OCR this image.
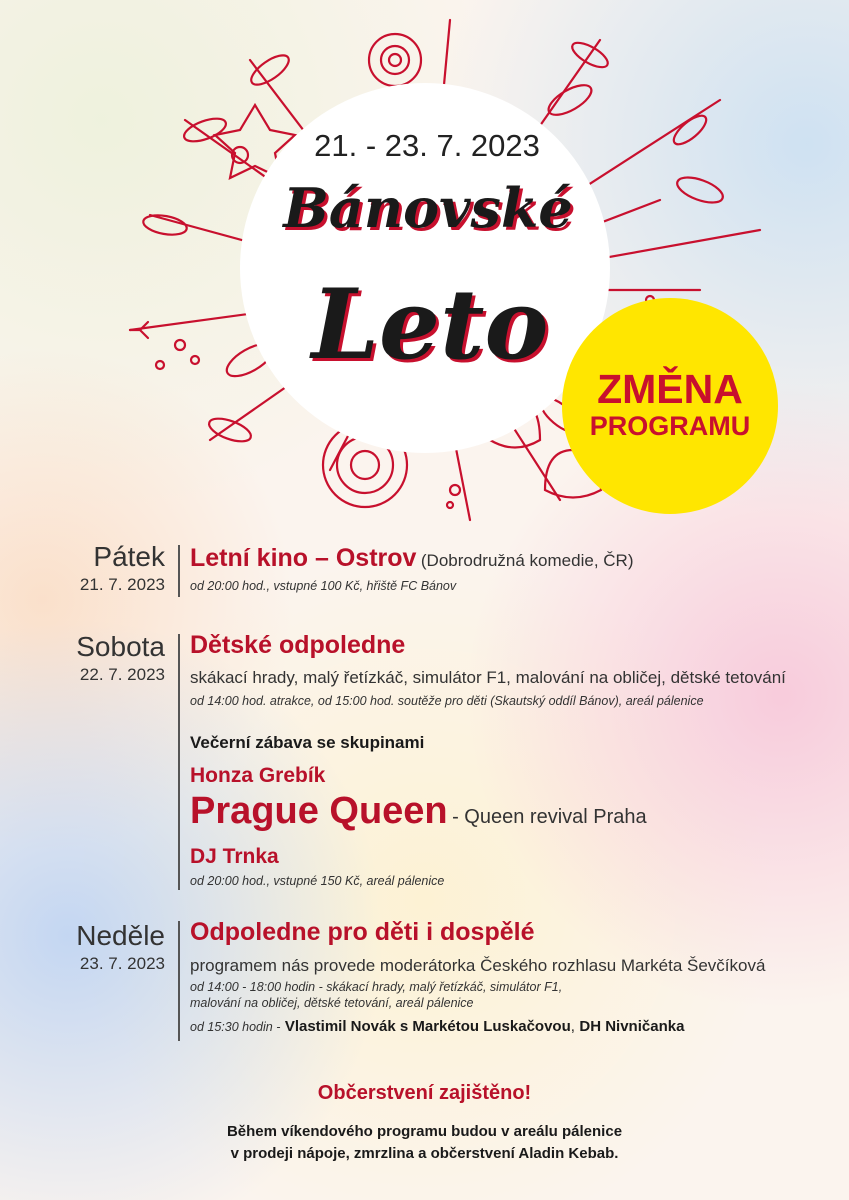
21. - 23. 7. 2023
Bánovské
Leto
ZMĚNA
PROGRAMU
Pátek
21. 7. 2023
Letní kino – Ostrov (Dobrodružná komedie, ČR)
od 20:00 hod., vstupné 100 Kč, hřiště FC Bánov
Sobota
22. 7. 2023
Dětské odpoledne
skákací hrady, malý řetízkáč, simulátor F1, malování na obličej, dětské tetování
od 14:00 hod. atrakce, od 15:00 hod. soutěže pro děti (Skautský oddíl Bánov), areál pálenice
Večerní zábava se skupinami
Honza Grebík
Prague Queen - Queen revival Praha
DJ Trnka
od 20:00 hod., vstupné 150 Kč, areál pálenice
Neděle
23. 7. 2023
Odpoledne pro děti i dospělé
programem nás provede moderátorka Českého rozhlasu Markéta Ševčíková
od 14:00 - 18:00 hodin - skákací hrady, malý řetízkáč, simulátor F1,
malování na obličej, dětské tetování, areál pálenice
od 15:30 hodin - Vlastimil Novák s Markétou Luskačovou, DH Nivničanka
Občerstvení zajištěno!
Během víkendového programu budou v areálu pálenice
v prodeji nápoje, zmrzlina a občerstvení Aladin Kebab.
